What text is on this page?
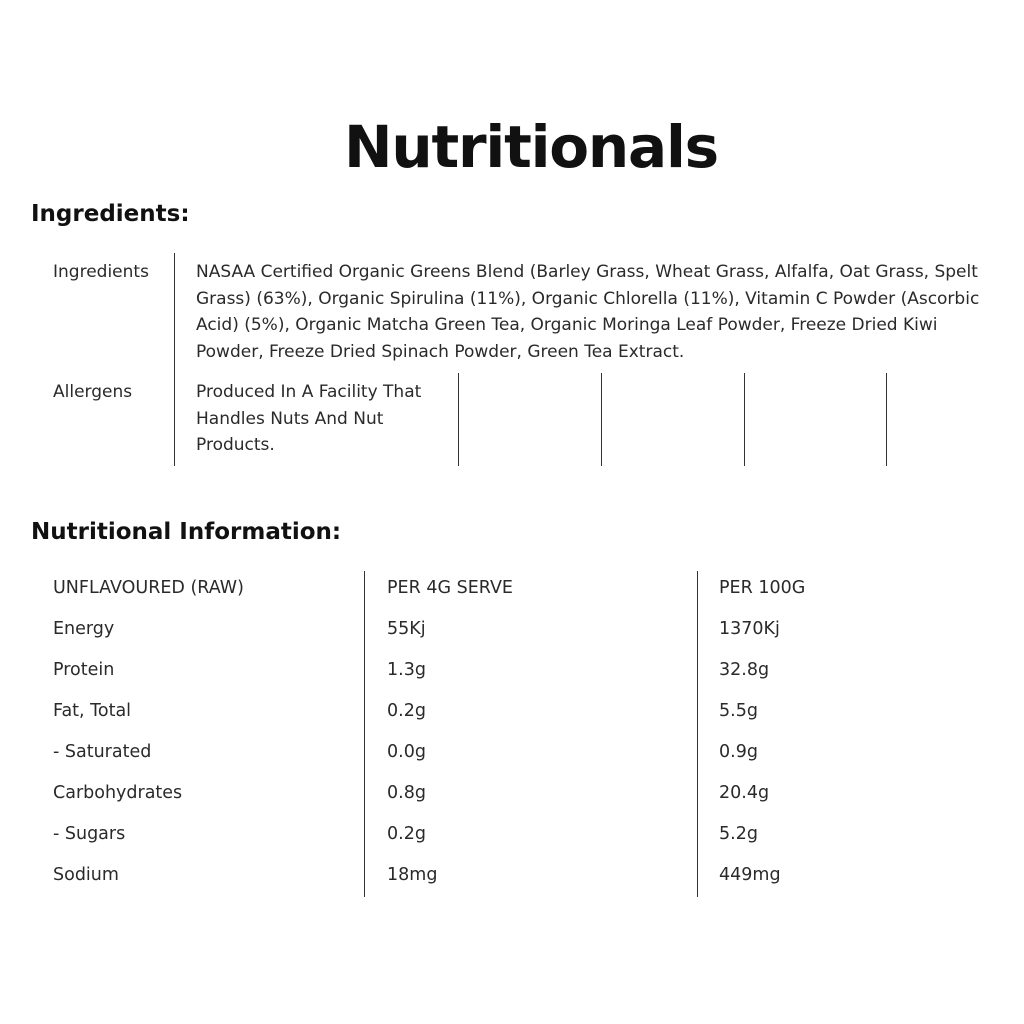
Nutritionals
Ingredients:
Ingredients	NASAA Certified Organic Greens Blend (Barley Grass, Wheat Grass, Alfalfa, Oat Grass, Spelt Grass) (63%), Organic Spirulina (11%), Organic Chlorella (11%), Vitamin C Powder (Ascorbic Acid) (5%), Organic Matcha Green Tea, Organic Moringa Leaf Powder, Freeze Dried Kiwi Powder, Freeze Dried Spinach Powder, Green Tea Extract.
Allergens	Produced In A Facility That Handles Nuts And Nut Products.
Nutritional Information:
UNFLAVOURED (RAW)	PER 4G SERVE	PER 100G
Energy	55Kj	1370Kj
Protein	1.3g	32.8g
Fat, Total	0.2g	5.5g
- Saturated	0.0g	0.9g
Carbohydrates	0.8g	20.4g
- Sugars	0.2g	5.2g
Sodium	18mg	449mg
